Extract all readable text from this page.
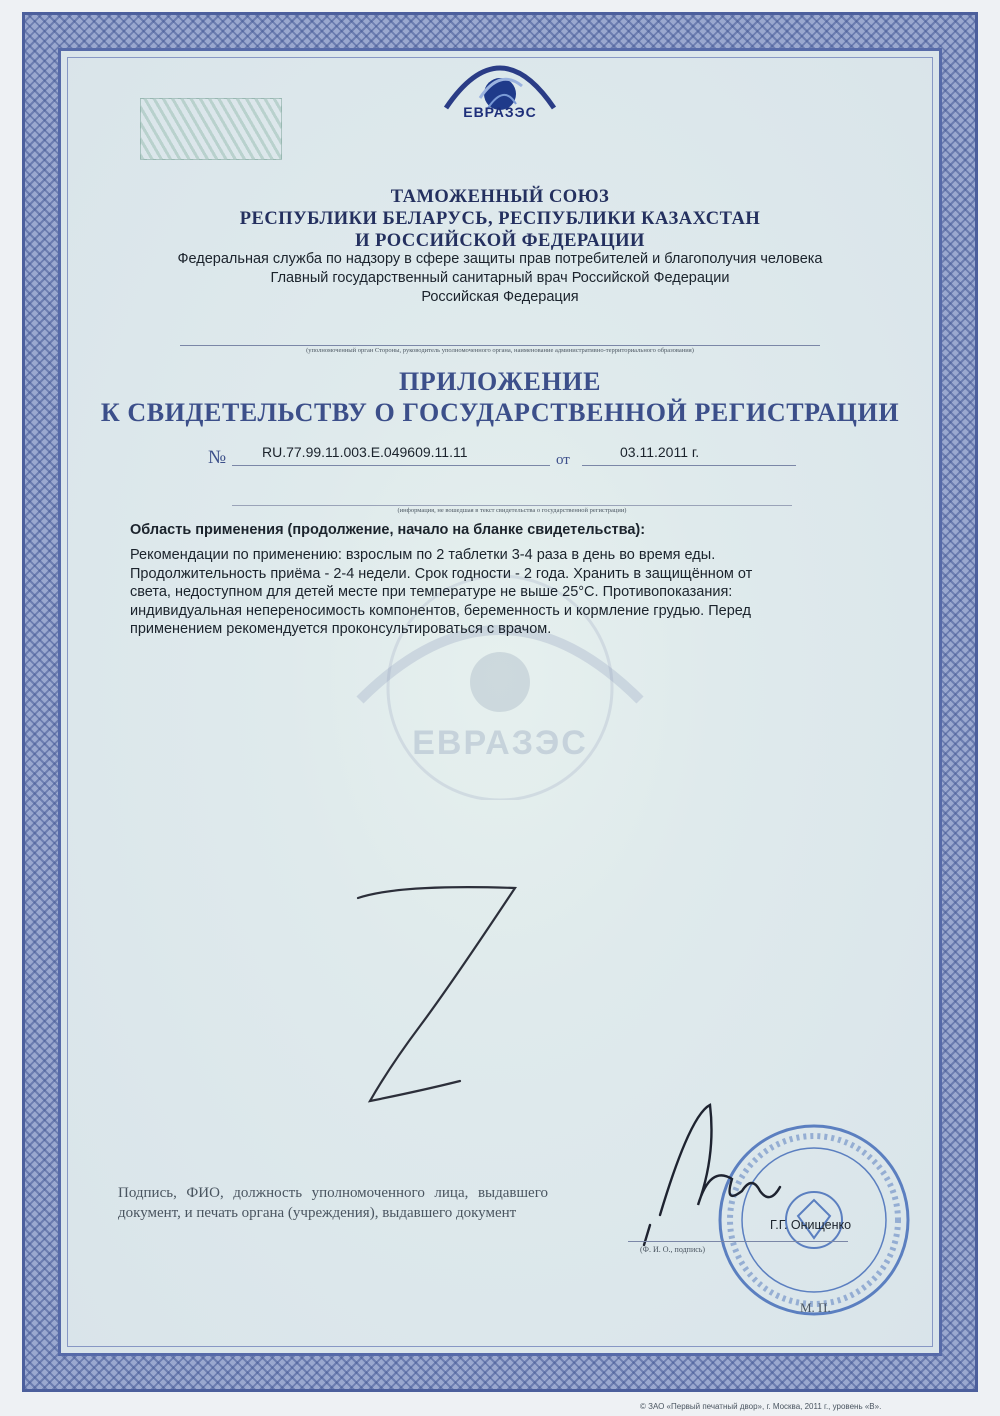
ЕВРАЗЭС
ТАМОЖЕННЫЙ СОЮЗ
РЕСПУБЛИКИ БЕЛАРУСЬ, РЕСПУБЛИКИ КАЗАХСТАН
И РОССИЙСКОЙ ФЕДЕРАЦИИ
Федеральная служба по надзору в сфере защиты прав потребителей и благополучия человека
Главный государственный санитарный врач Российской Федерации
Российская Федерация
(уполномоченный орган Стороны, руководитель уполномоченного органа, наименование административно-территориального образования)
ПРИЛОЖЕНИЕ
К СВИДЕТЕЛЬСТВУ О ГОСУДАРСТВЕННОЙ РЕГИСТРАЦИИ
№	RU.77.99.11.003.Е.049609.11.11	от	03.11.2011 г.
(информация, не вошедшая в текст свидетельства о государственной регистрации)
ЕВРАЗЭС
Область применения (продолжение, начало на бланке свидетельства):
Рекомендации по применению: взрослым по 2 таблетки 3-4 раза в день во время еды.
Продолжительность приёма - 2-4 недели. Срок годности - 2 года. Хранить в защищённом от
света, недоступном для детей месте при температуре не выше 25°С. Противопоказания:
индивидуальная непереносимость компонентов, беременность и кормление грудью. Перед
применением рекомендуется проконсультироваться с врачом.
Подпись, ФИО, должность уполномоченного лица, выдавшего документ, и печать органа (учреждения), выдавшего документ
Г.Г. Онищенко
(Ф. И. О., подпись)
М. П.
© ЗАО «Первый печатный двор», г. Москва, 2011 г., уровень «В».
